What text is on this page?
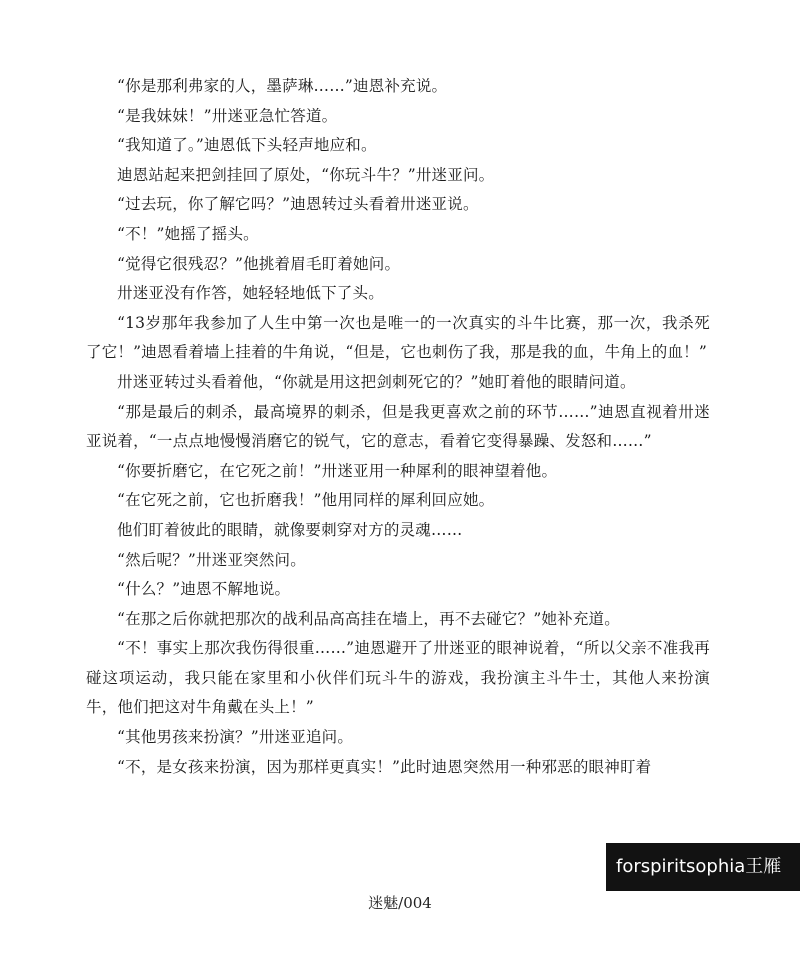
“你是那利弗家的人，墨萨琳……”迪恩补充说。

“是我妹妹！”卅迷亚急忙答道。

“我知道了。”迪恩低下头轻声地应和。

迪恩站起来把剑挂回了原处，“你玩斗牛？”卅迷亚问。

“过去玩，你了解它吗？”迪恩转过头看着卅迷亚说。

“不！”她摇了摇头。

“觉得它很残忍？”他挑着眉毛盯着她问。

卅迷亚没有作答，她轻轻地低下了头。

“13岁那年我参加了人生中第一次也是唯一的一次真实的斗牛比赛，那一次，我杀死了它！”迪恩看着墙上挂着的牛角说，“但是，它也刺伤了我，那是我的血，牛角上的血！”

卅迷亚转过头看着他，“你就是用这把剑刺死它的？”她盯着他的眼睛问道。

“那是最后的刺杀，最高境界的刺杀，但是我更喜欢之前的环节……”迪恩直视着卅迷亚说着，“一点点地慢慢消磨它的锐气，它的意志，看着它变得暴躁、发怒和……”

“你要折磨它，在它死之前！”卅迷亚用一种犀利的眼神望着他。

“在它死之前，它也折磨我！”他用同样的犀利回应她。

他们盯着彼此的眼睛，就像要刺穿对方的灵魂……

“然后呢？”卅迷亚突然问。

“什么？”迪恩不解地说。

“在那之后你就把那次的战利品高高挂在墙上，再不去碰它？”她补充道。

“不！事实上那次我伤得很重……”迪恩避开了卅迷亚的眼神说着，“所以父亲不准我再碰这项运动，我只能在家里和小伙伴们玩斗牛的游戏，我扮演主斗牛士，其他人来扮演牛，他们把这对牛角戴在头上！”

“其他男孩来扮演？”卅迷亚追问。

“不，是女孩来扮演，因为那样更真实！”此时迪恩突然用一种邪恶的眼神盯着

forspiritsophia王雁
迷魅/004
